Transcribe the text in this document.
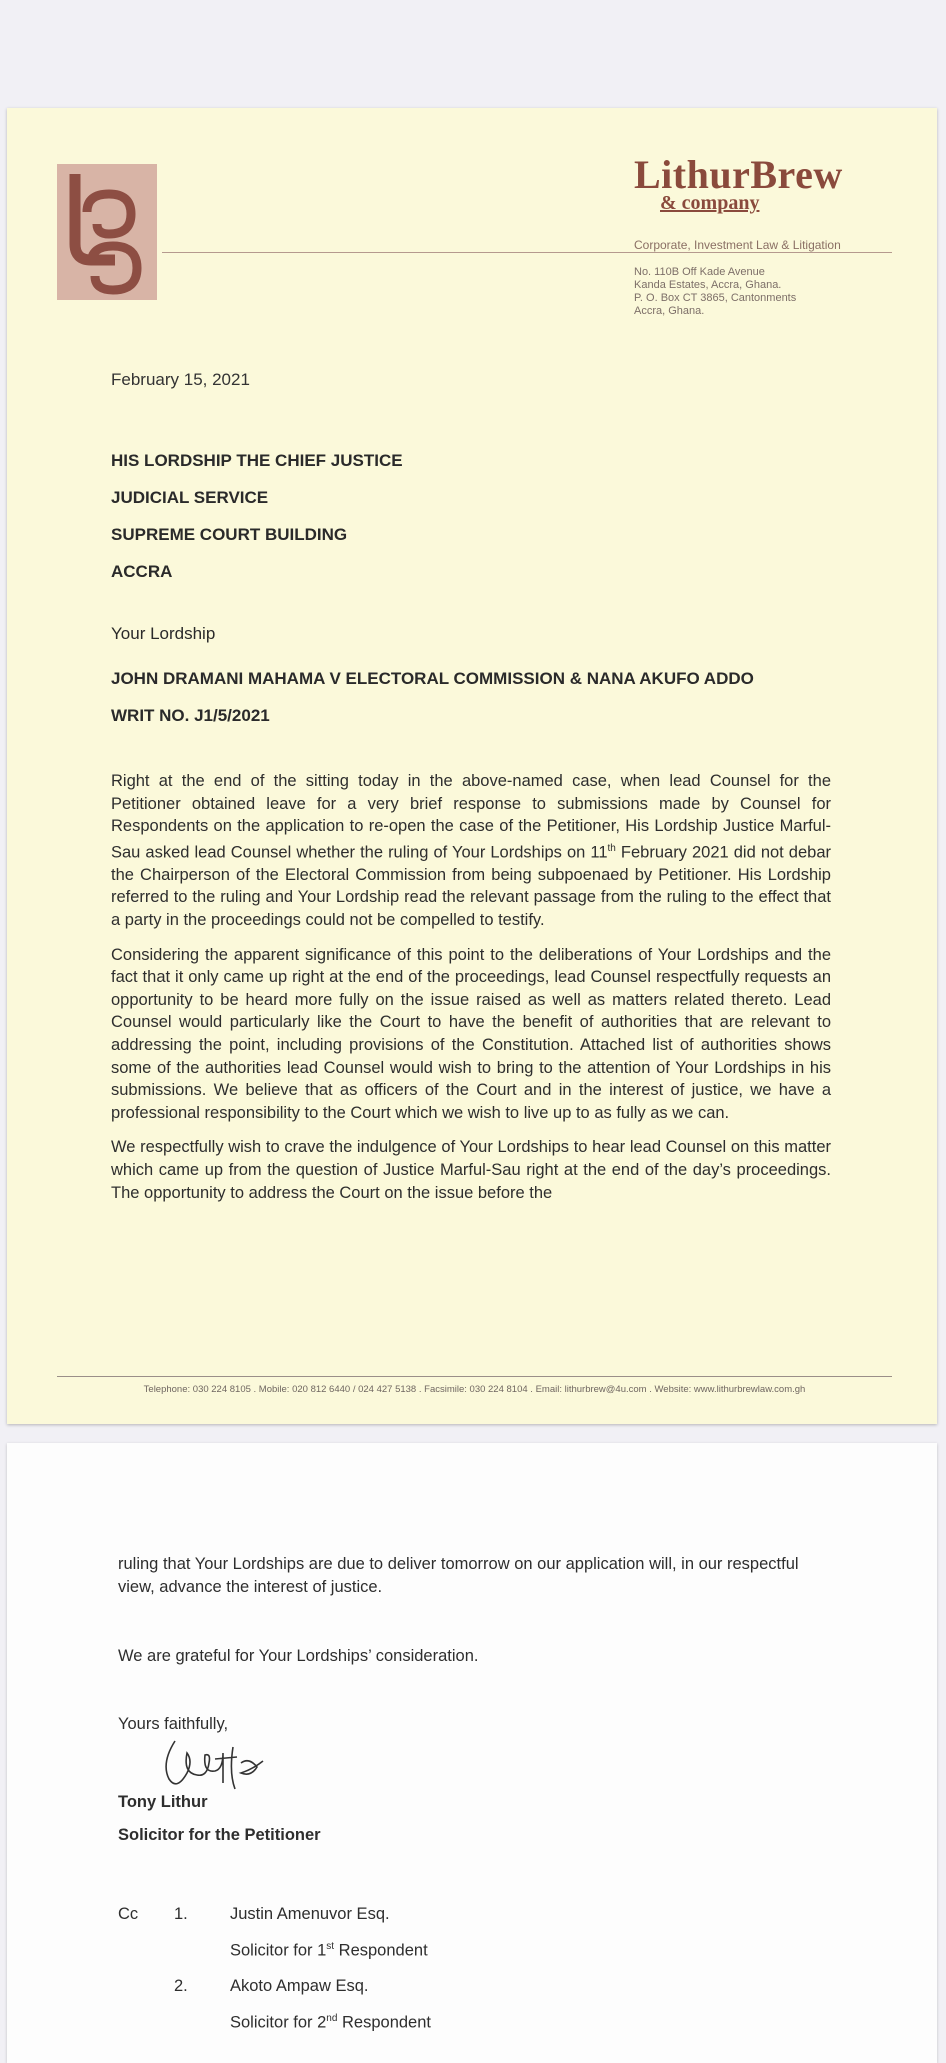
LithurBrew
& company
Corporate, Investment Law & Litigation
No. 110B Off Kade Avenue
Kanda Estates, Accra, Ghana.
P. O. Box CT 3865, Cantonments
Accra, Ghana.
February 15, 2021
HIS LORDSHIP THE CHIEF JUSTICE
JUDICIAL SERVICE
SUPREME COURT BUILDING
ACCRA
Your Lordship
JOHN DRAMANI MAHAMA V ELECTORAL COMMISSION & NANA AKUFO ADDO
WRIT NO. J1/5/2021

Right at the end of the sitting today in the above-named case, when lead Counsel for the Petitioner obtained leave for a very brief response to submissions made by Counsel for Respondents on the application to re-open the case of the Petitioner, His Lordship Justice Marful-Sau asked lead Counsel whether the ruling of Your Lordships on 11th February 2021 did not debar the Chairperson of the Electoral Commission from being subpoenaed by Petitioner. His Lordship referred to the ruling and Your Lordship read the relevant passage from the ruling to the effect that a party in the proceedings could not be compelled to testify.

Considering the apparent significance of this point to the deliberations of Your Lordships and the fact that it only came up right at the end of the proceedings, lead Counsel respectfully requests an opportunity to be heard more fully on the issue raised as well as matters related thereto. Lead Counsel would particularly like the Court to have the benefit of authorities that are relevant to addressing the point, including provisions of the Constitution. Attached list of authorities shows some of the authorities lead Counsel would wish to bring to the attention of Your Lordships in his submissions. We believe that as officers of the Court and in the interest of justice, we have a professional responsibility to the Court which we wish to live up to as fully as we can.

We respectfully wish to crave the indulgence of Your Lordships to hear lead Counsel on this matter which came up from the question of Justice Marful-Sau right at the end of the day’s proceedings. The opportunity to address the Court on the issue before the

Telephone: 030 224 8105 . Mobile: 020 812 6440 / 024 427 5138 . Facsimile: 030 224 8104 . Email: lithurbrew@4u.com . Website: www.lithurbrewlaw.com.gh
ruling that Your Lordships are due to deliver tomorrow on our application will, in our respectful view, advance the interest of justice.
We are grateful for Your Lordships’ consideration.
Yours faithfully,
Tony Lithur
Solicitor for the Petitioner
Cc 1.	Justin Amenuvor Esq.
Solicitor for 1st Respondent
2.	Akoto Ampaw Esq.
Solicitor for 2nd Respondent
